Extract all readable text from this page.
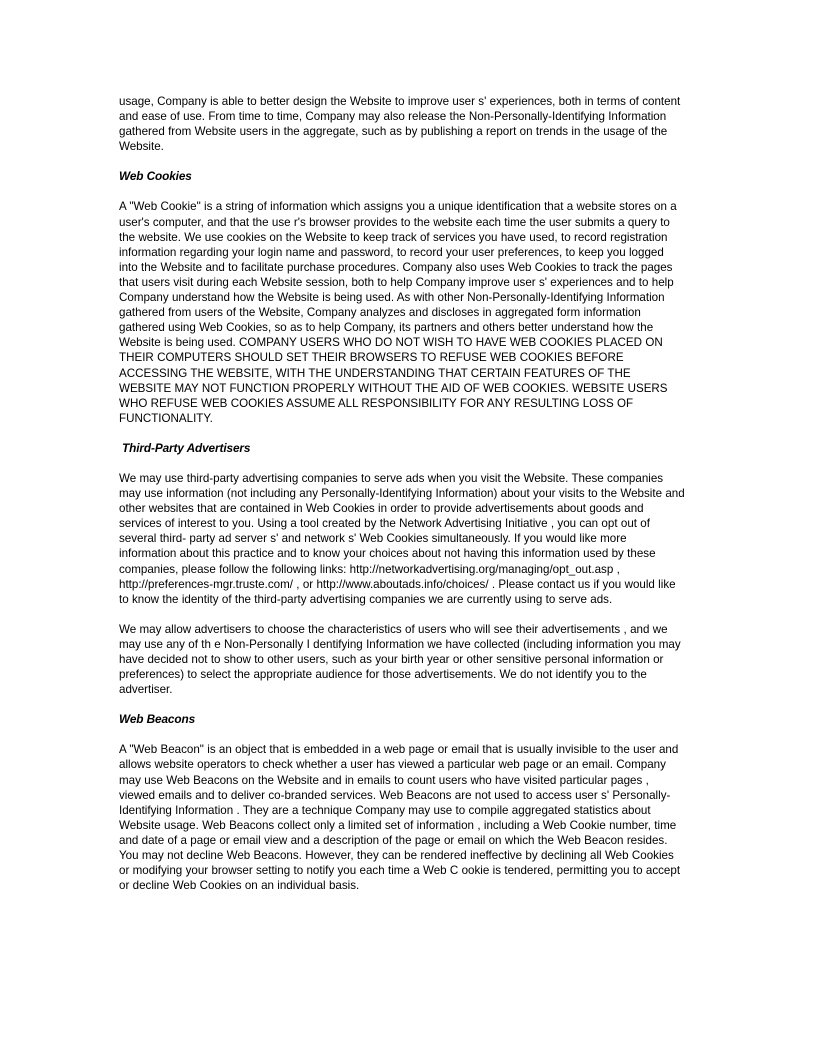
usage, Company is able to better design the Website to improve user s' experiences, both in terms of content and ease of use. From time to time, Company may also release the Non-Personally-Identifying Information gathered from Website users in the aggregate, such as by publishing a report on trends in the usage of the Website.

Web Cookies

A "Web Cookie" is a string of information which assigns you a unique identification that a website stores on a user's computer, and that the use r's browser provides to the website each time the user submits a query to the website. We use cookies on the Website to keep track of services you have used, to record registration information regarding your login name and password, to record your user preferences, to keep you logged into the Website and to facilitate purchase procedures. Company also uses Web Cookies to track the pages that users visit during each Website session, both to help Company improve user s' experiences and to help Company understand how the Website is being used. As with other Non-Personally-Identifying Information gathered from users of the Website, Company analyzes and discloses in aggregated form information gathered using Web Cookies, so as to help Company, its partners and others better understand how the Website is being used. COMPANY USERS WHO DO NOT WISH TO HAVE WEB COOKIES PLACED ON THEIR COMPUTERS SHOULD SET THEIR BROWSERS TO REFUSE WEB COOKIES BEFORE ACCESSING THE WEBSITE, WITH THE UNDERSTANDING THAT CERTAIN FEATURES OF THE WEBSITE MAY NOT FUNCTION PROPERLY WITHOUT THE AID OF WEB COOKIES. WEBSITE USERS WHO REFUSE WEB COOKIES ASSUME ALL RESPONSIBILITY FOR ANY RESULTING LOSS OF FUNCTIONALITY.

Third-Party Advertisers

We may use third-party advertising companies to serve ads when you visit the Website. These companies may use information (not including any Personally-Identifying Information) about your visits to the Website and other websites that are contained in Web Cookies in order to provide advertisements about goods and services of interest to you. Using a tool created by the Network Advertising Initiative , you can opt out of several third- party ad server s' and network s' Web Cookies simultaneously. If you would like more information about this practice and to know your choices about not having this information used by these companies, please follow the following links: http://networkadvertising.org/managing/opt_out.asp , http://preferences-mgr.truste.com/ , or http://www.aboutads.info/choices/ . Please contact us if you would like to know the identity of the third-party advertising companies we are currently using to serve ads.

We may allow advertisers to choose the characteristics of users who will see their advertisements , and we may use any of th e Non-Personally I dentifying Information we have collected (including information you may have decided not to show to other users, such as your birth year or other sensitive personal information or preferences) to select the appropriate audience for those advertisements. We do not identify you to the advertiser.

Web Beacons

A "Web Beacon" is an object that is embedded in a web page or email that is usually invisible to the user and allows website operators to check whether a user has viewed a particular web page or an email. Company may use Web Beacons on the Website and in emails to count users who have visited particular pages , viewed emails and to deliver co-branded services. Web Beacons are not used to access user s' Personally-Identifying Information . They are a technique Company may use to compile aggregated statistics about Website usage. Web Beacons collect only a limited set of information , including a Web Cookie number, time and date of a page or email view and a description of the page or email on which the Web Beacon resides. You may not decline Web Beacons. However, they can be rendered ineffective by declining all Web Cookies or modifying your browser setting to notify you each time a Web C ookie is tendered, permitting you to accept or decline Web Cookies on an individual basis.
